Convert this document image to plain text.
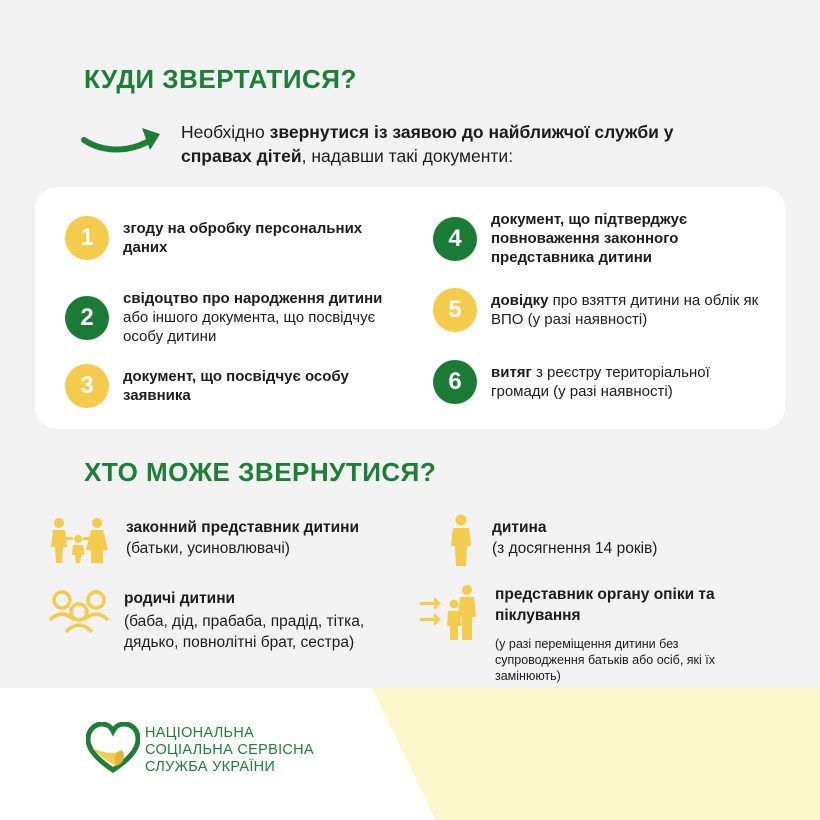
КУДИ ЗВЕРТАТИСЯ?
Необхідно звернутися із заявою до найближчої служби у справах дітей, надавши такі документи:
1	згоду на обробку персональних даних
2
свідоцтво про народження дитини або іншого документа, що посвідчує особу дитини
3	документ, що посвідчує особу заявника
4
документ, що підтверджує повноваження законного представника дитини
5	довідку про взяття дитини на облік як ВПО (у разі наявності)
6	витяг з реєстру територіальної громади (у разі наявності)
ХТО МОЖЕ ЗВЕРНУТИСЯ?
законний представник дитини
(батьки, усиновлювачі)
дитина
(з досягнення 14 років)
родичі дитини
(баба, дід, прабаба, прадід, тітка, дядько, повнолітні брат, сестра)
представник органу опіки та піклування
(у разі переміщення дитини без супроводження батьків або осіб, які їх замінюють)
НАЦІОНАЛЬНА
СОЦІАЛЬНА СЕРВІСНА
СЛУЖБА УКРАЇНИ
